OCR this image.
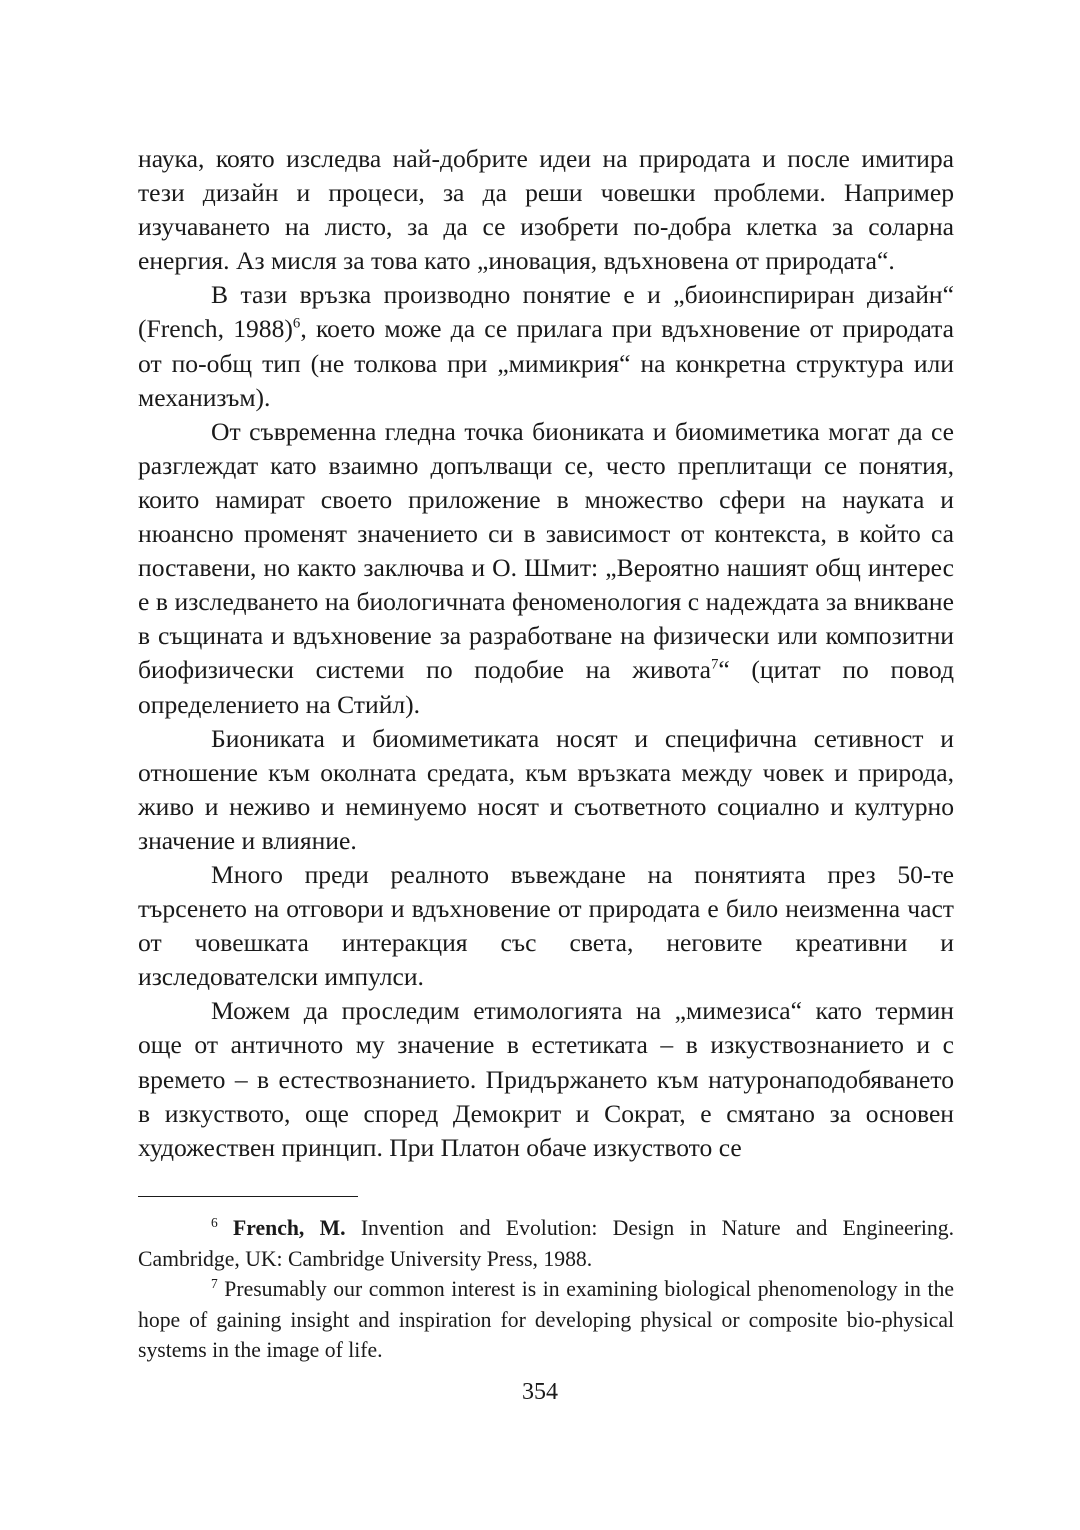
наука, която изследва най-добрите идеи на природата и после имитира тези дизайн и процеси, за да реши човешки проблеми. Например изучаването на листо, за да се изобрети по-добра клетка за соларна енергия. Аз мисля за това като „иновация, вдъхновена от природата“.

В тази връзка производно понятие е и „биоинспириран дизайн“ (French, 1988)$^6$, което може да се прилага при вдъхновение от природата от по-общ тип (не толкова при „мимикрия“ на конкретна структура или механизъм).

От съвременна гледна точка бионикатa и биомиметика могат да се разглеждат като взаимно допълващи се, често преплитащи се понятия, които намират своето приложение в множество сфери на науката и нюансно променят значението си в зависимост от контекста, в който са поставени, но както заключва и О. Шмит: „Вероятно нашият общ интерес е в изследването на биологичната феноменология с надеждата за вникване в същината и вдъхновение за разработване на физически или композитни биофизически системи по подобие на живота$^7$“ (цитат по повод определението на Стийл).

Бионикатa и биомиметиката носят и специфична сетивност и отношение към околната средата, към връзката между човек и природа, живо и неживо и неминуемо носят и съответното социално и културно значение и влияние.

Много преди реалното въвеждане на понятията през 50-те търсенето на отговори и вдъхновение от природата е било неизменна част от човешката интеракция със света, неговите креативни и изследователски импулси.

Можем да проследим етимологията на „мимезиса“ като термин още от античното му значение в естетиката – в изкуствознанието и с времето – в естествознанието. Придържането към натуронаподобяването в изкуството, още според Демокрит и Сократ, е смятано за основен художествен принцип. При Платон обаче изкуството се

$^6$ French, M. Invention and Evolution: Design in Nature and Engineering. Cambridge, UK: Cambridge University Press, 1988.

$^7$ Presumably our common interest is in examining biological phenomenology in the hope of gaining insight and inspiration for developing physical or composite bio-physical systems in the image of life.

354
